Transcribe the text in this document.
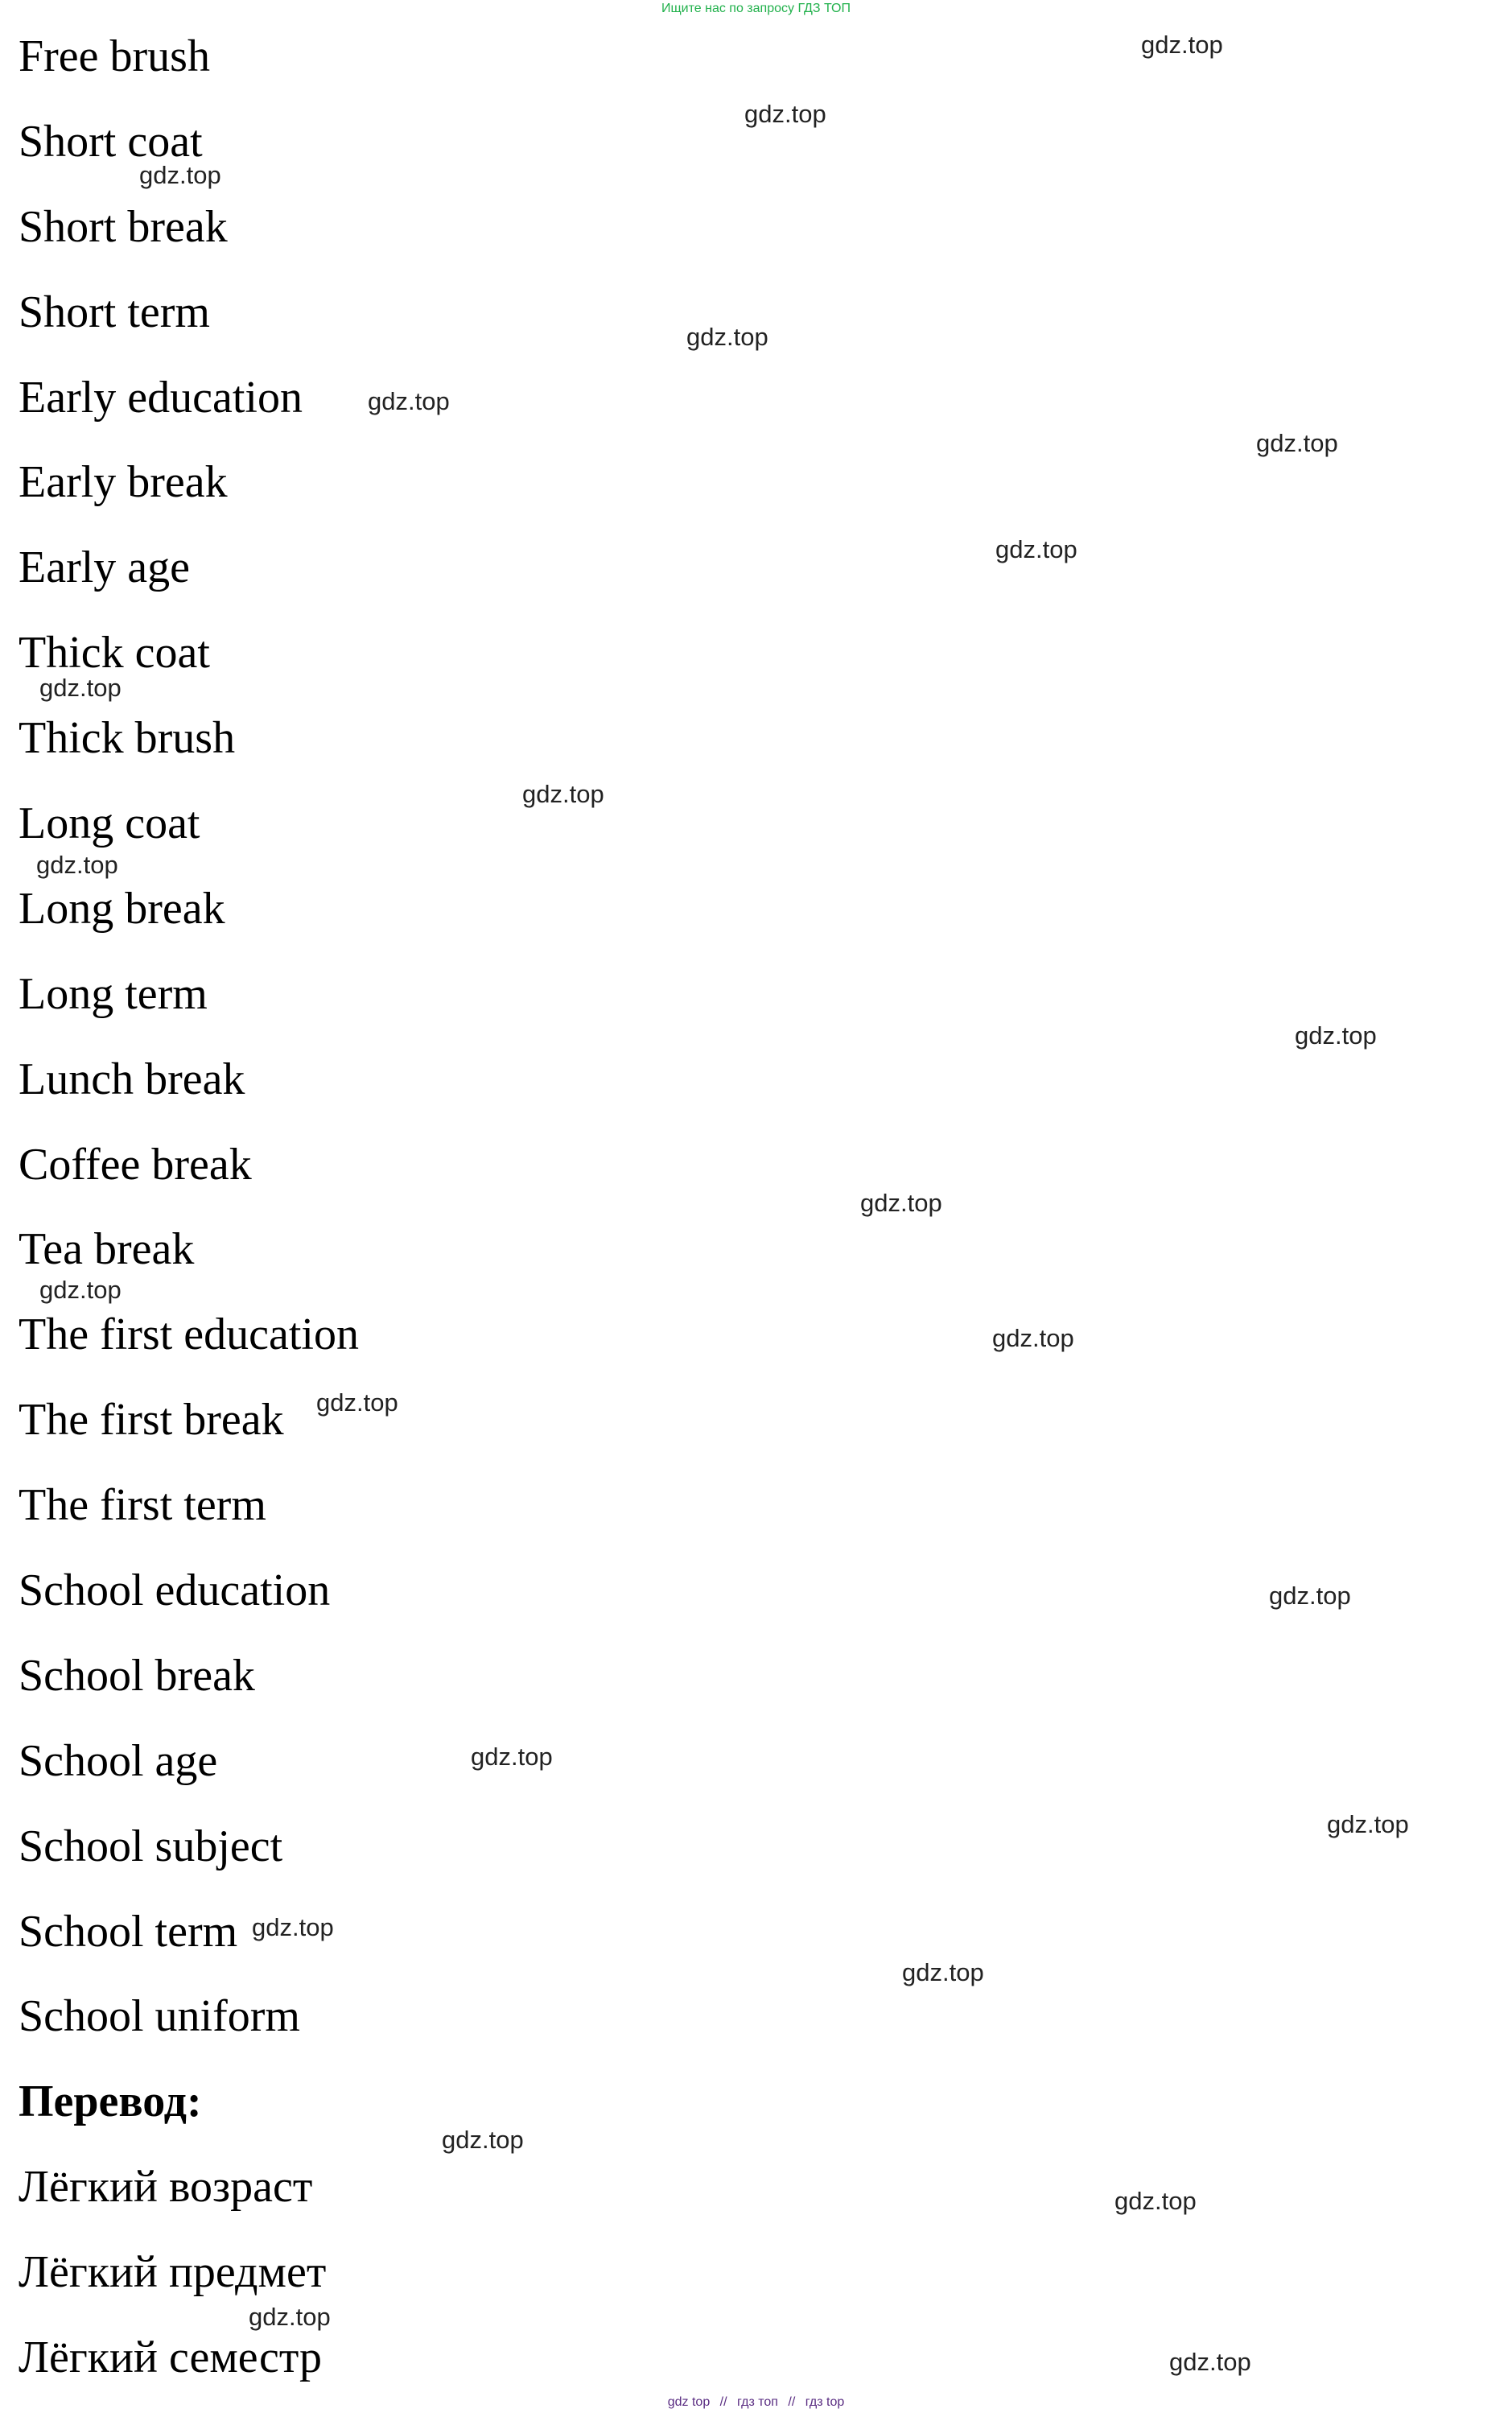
Ищите нас по запросу ГДЗ ТОП
Free brush
Short coat
Short break
Short term
Early education
Early break
Early age
Thick coat
Thick brush
Long coat
Long break
Long term
Lunch break
Coffee break
Tea break
The first education
The first break
The first term
School education
School break
School age
School subject
School term
School uniform
Перевод:
Лёгкий возраст
Лёгкий предмет
Лёгкий семестр
gdz.top
gdz.top
gdz.top
gdz.top
gdz.top
gdz.top
gdz.top
gdz.top
gdz.top
gdz.top
gdz.top
gdz.top
gdz.top
gdz.top
gdz.top
gdz.top
gdz.top
gdz.top
gdz.top
gdz.top
gdz.top
gdz.top
gdz.top
gdz.top
gdz top // гдз топ // гдз top
